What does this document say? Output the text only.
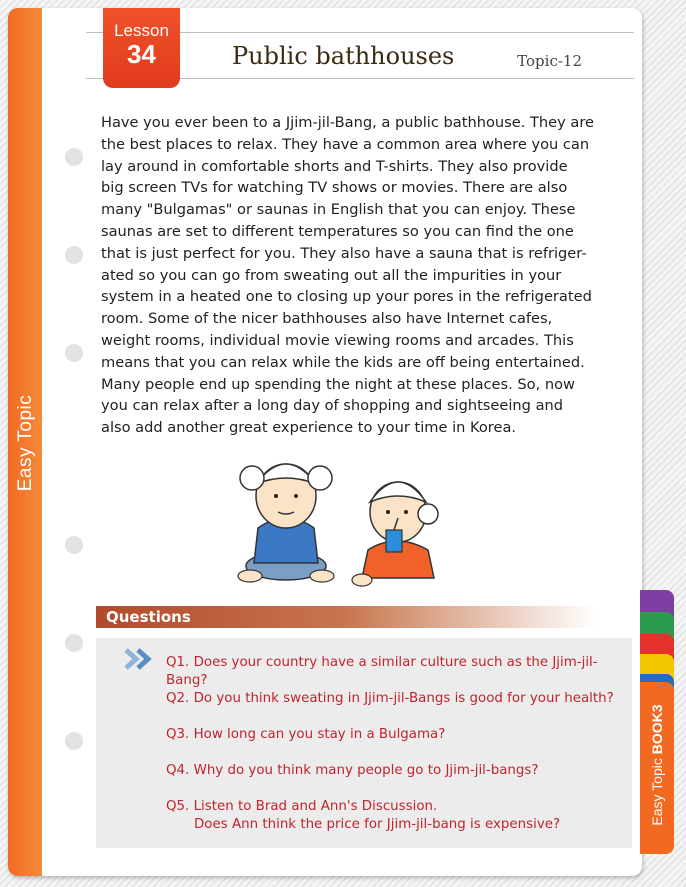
Easy Topic
Lesson
34	Public bathhouses	Topic-12
Have you ever been to a Jjim-jil-Bang, a public bathhouse. They are
the best places to relax. They have a common area where you can
lay around in comfortable shorts and T-shirts. They also provide
big screen TVs for watching TV shows or movies. There are also
many "Bulgamas" or saunas in English that you can enjoy. These
saunas are set to different temperatures so you can find the one
that is just perfect for you. They also have a sauna that is refriger-
ated so you can go from sweating out all the impurities in your
system in a heated one to closing up your pores in the refrigerated
room. Some of the nicer bathhouses also have Internet cafes,
weight rooms, individual movie viewing rooms and arcades. This
means that you can relax while the kids are off being entertained.
Many people end up spending the night at these places. So, now
you can relax after a long day of shopping and sightseeing and
also add another great experience to your time in Korea.
Questions
Q1. Does your country have a similar culture such as the Jjim-jil-Bang?
Q2. Do you think sweating in Jjim-jil-Bangs is good for your health?
Q3. How long can you stay in a Bulgama?
Q4. Why do you think many people go to Jjim-jil-bangs?
Q5. Listen to Brad and Ann's Discussion.
Does Ann think the price for Jjim-jil-bang is expensive?	Easy Topic BOOK3
